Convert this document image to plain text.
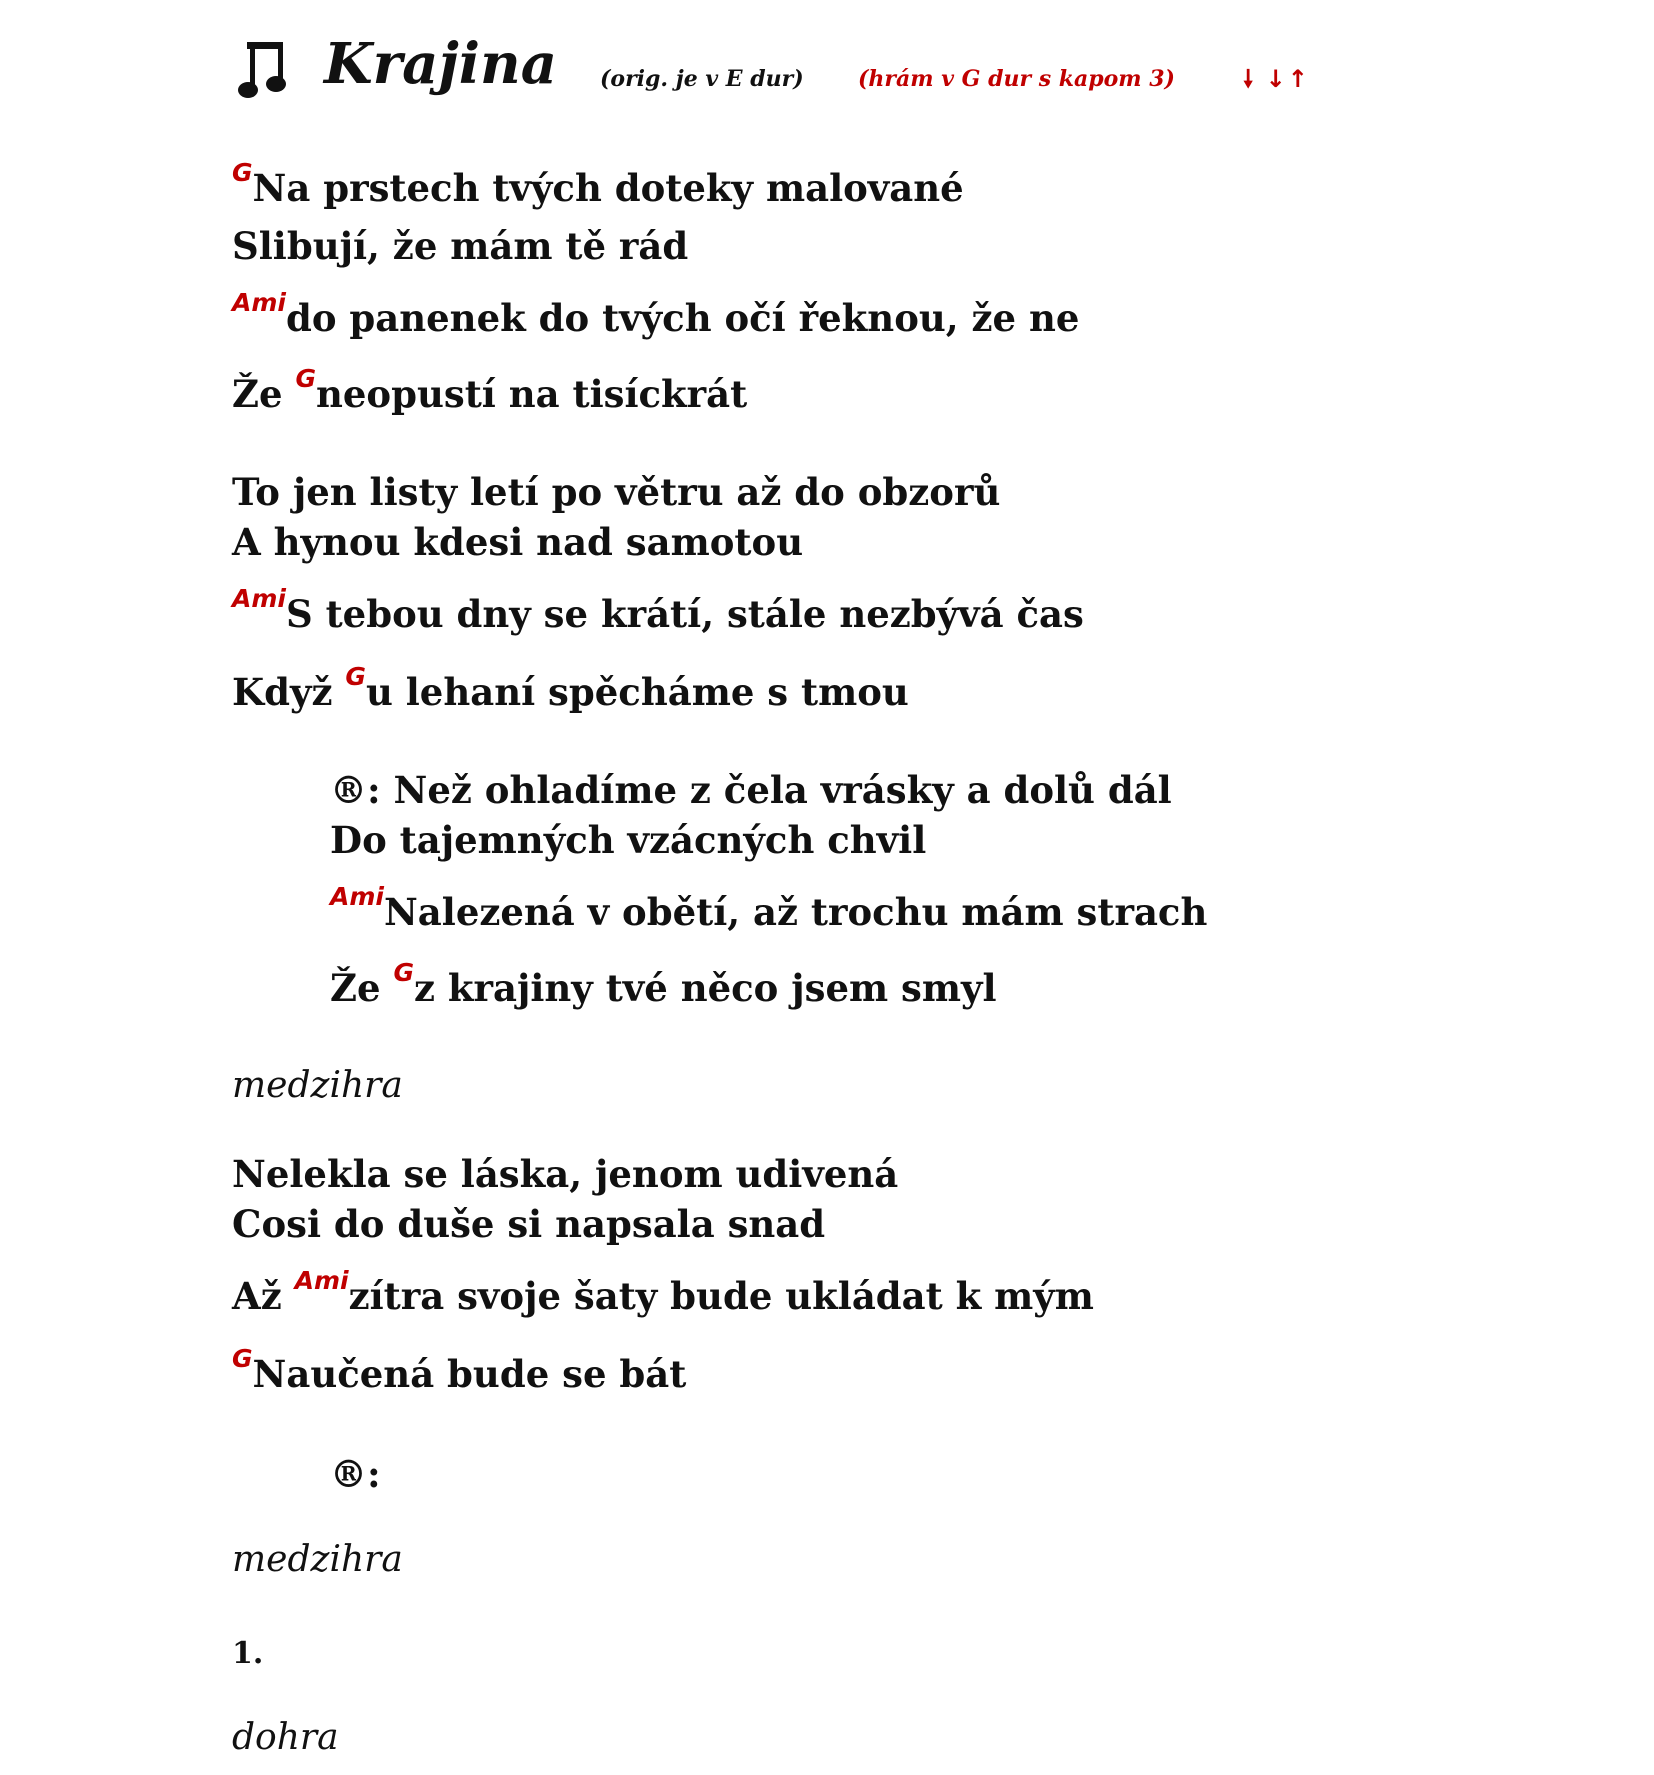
Krajina (orig. je v E dur) (hrám v G dur s kapom 3)	🠗 ↓↑
$^G$Na prstech tvých doteky malované
Slibují, že mám tě rád
$^{Ami}$do panenek do tvých očí řeknou, že ne
Že $^G$neopustí na tisíckrát
To jen listy letí po větru až do obzorů
A hynou kdesi nad samotou
$^{Ami}$S tebou dny se krátí, stále nezbývá čas
Když $^G$u lehaní spěcháme s tmou
®: Než ohladíme z čela vrásky a dolů dál
Do tajemných vzácných chvil
$^{Ami}$Nalezená v obětí, až trochu mám strach
Že $^G$z krajiny tvé něco jsem smyl
medzihra
Nelekla se láska, jenom udivená
Cosi do duše si napsala snad
Až $^{Ami}$zítra svoje šaty bude ukládat k mým
$^G$Naučená bude se bát
®:
medzihra
1.
dohra
